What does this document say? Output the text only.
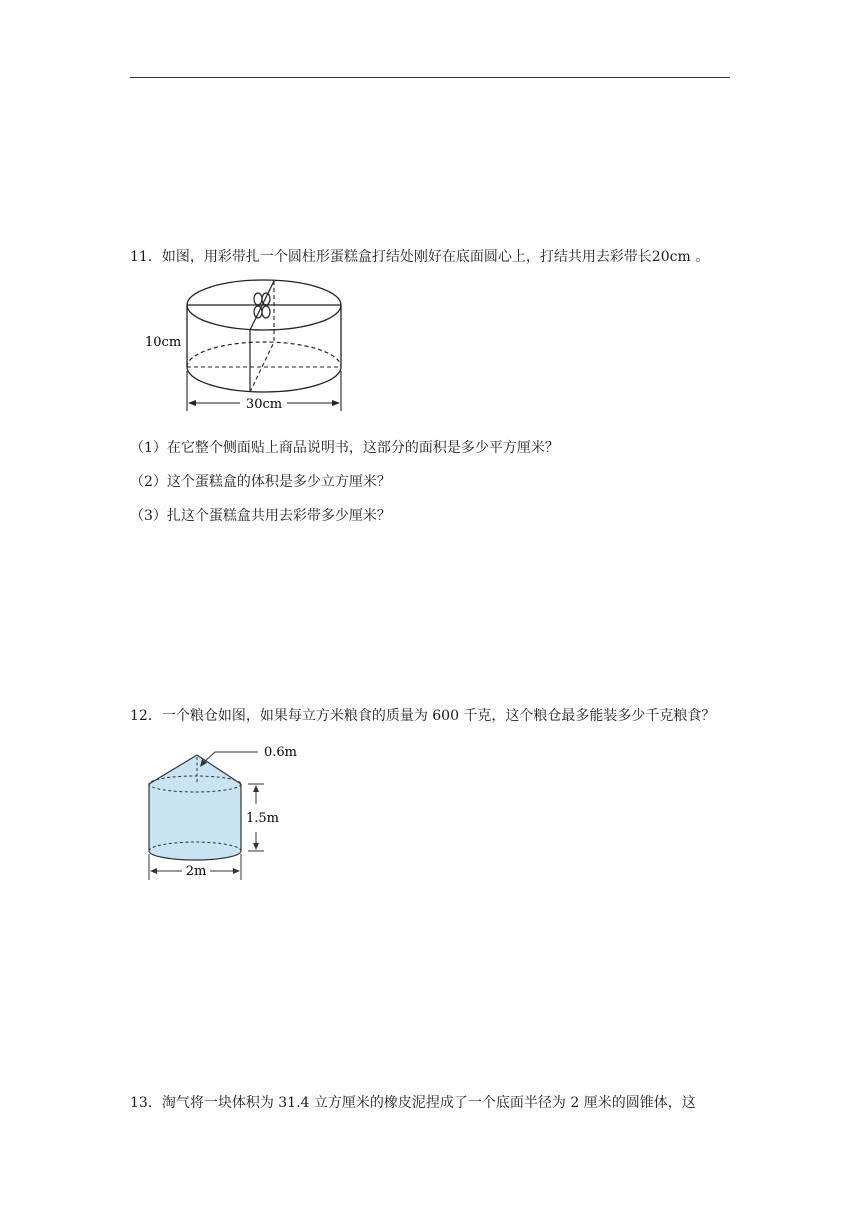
11．如图，用彩带扎一个圆柱形蛋糕盒打结处刚好在底面圆心上，打结共用去彩带长20cm 。
30cm
10cm
（1）在它整个侧面贴上商品说明书，这部分的面积是多少平方厘米？
（2）这个蛋糕盒的体积是多少立方厘米？
（3）扎这个蛋糕盒共用去彩带多少厘米？
12．一个粮仓如图，如果每立方米粮食的质量为 600 千克，这个粮仓最多能装多少千克粮食？
0.6m
1.5m
2m
13．淘气将一块体积为 31.4 立方厘米的橡皮泥捏成了一个底面半径为 2 厘米的圆锥体，这
